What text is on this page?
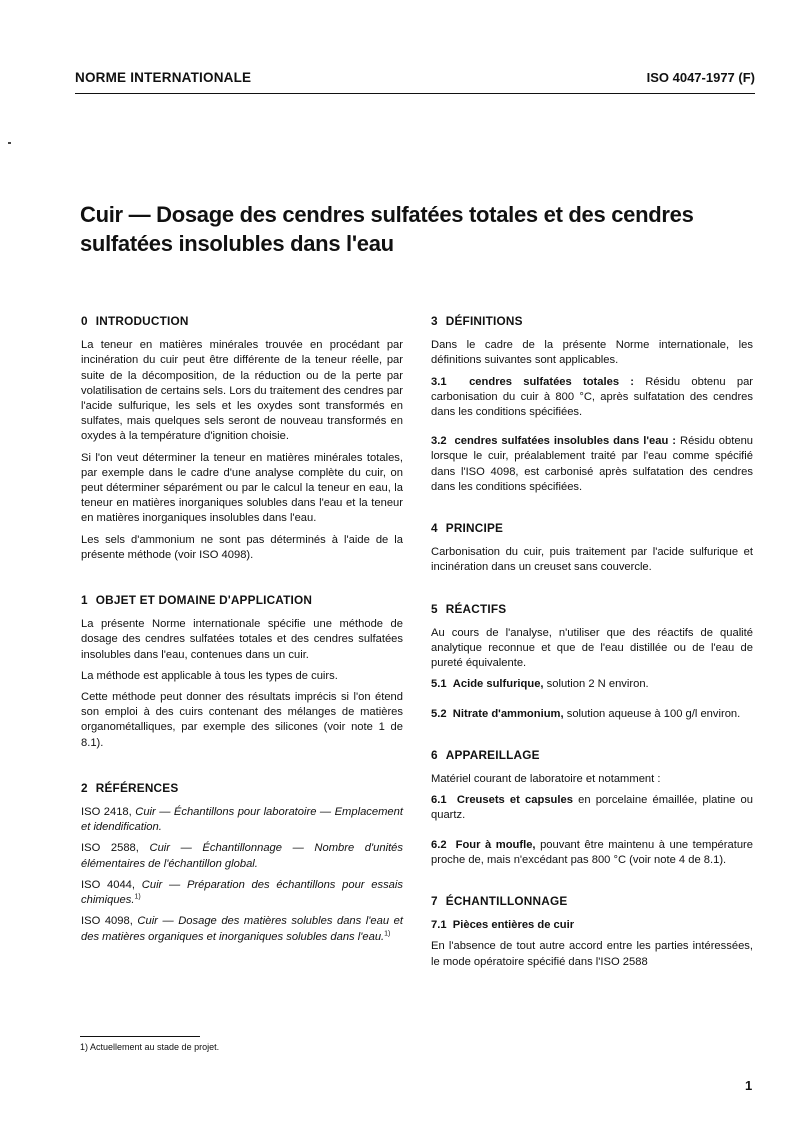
NORME INTERNATIONALE	ISO 4047-1977 (F)
Cuir — Dosage des cendres sulfatées totales et des cendres sulfatées insolubles dans l'eau
0 INTRODUCTION

La teneur en matières minérales trouvée en procédant par incinération du cuir peut être différente de la teneur réelle, par suite de la décomposition, de la réduction ou de la perte par volatilisation de certains sels. Lors du traitement des cendres par l'acide sulfurique, les sels et les oxydes sont transformés en sulfates, mais quelques sels seront de nouveau transformés en oxydes à la température d'ignition choisie.

Si l'on veut déterminer la teneur en matières minérales totales, par exemple dans le cadre d'une analyse complète du cuir, on peut déterminer séparément ou par le calcul la teneur en eau, la teneur en matières inorganiques solubles dans l'eau et la teneur en matières inorganiques insolubles dans l'eau.

Les sels d'ammonium ne sont pas déterminés à l'aide de la présente méthode (voir ISO 4098).

1 OBJET ET DOMAINE D'APPLICATION

La présente Norme internationale spécifie une méthode de dosage des cendres sulfatées totales et des cendres sulfatées insolubles dans l'eau, contenues dans un cuir.

La méthode est applicable à tous les types de cuirs.

Cette méthode peut donner des résultats imprécis si l'on étend son emploi à des cuirs contenant des mélanges de matières organométalliques, par exemple des silicones (voir note 1 de 8.1).

2 RÉFÉRENCES

ISO 2418, Cuir — Échantillons pour laboratoire — Emplacement et idendification.

ISO 2588, Cuir — Échantillonnage — Nombre d'unités élémentaires de l'échantillon global.

ISO 4044, Cuir — Préparation des échantillons pour essais chimiques.$^{1)}$

ISO 4098, Cuir — Dosage des matières solubles dans l'eau et des matières organiques et inorganiques solubles dans l'eau.$^{1)}$

3 DÉFINITIONS

Dans le cadre de la présente Norme internationale, les définitions suivantes sont applicables.

3.1 cendres sulfatées totales : Résidu obtenu par carbonisation du cuir à 800 °C, après sulfatation des cendres dans les conditions spécifiées.

3.2 cendres sulfatées insolubles dans l'eau : Résidu obtenu lorsque le cuir, préalablement traité par l'eau comme spécifié dans l'ISO 4098, est carbonisé après sulfatation des cendres dans les conditions spécifiées.

4 PRINCIPE

Carbonisation du cuir, puis traitement par l'acide sulfurique et incinération dans un creuset sans couvercle.

5 RÉACTIFS

Au cours de l'analyse, n'utiliser que des réactifs de qualité analytique reconnue et que de l'eau distillée ou de l'eau de pureté équivalente.

5.1 Acide sulfurique, solution 2 N environ.

5.2 Nitrate d'ammonium, solution aqueuse à 100 g/l environ.

6 APPAREILLAGE

Matériel courant de laboratoire et notamment :

6.1 Creusets et capsules en porcelaine émaillée, platine ou quartz.

6.2 Four à moufle, pouvant être maintenu à une température proche de, mais n'excédant pas 800 °C (voir note 4 de 8.1).

7 ÉCHANTILLONNAGE

7.1 Pièces entières de cuir

En l'absence de tout autre accord entre les parties intéressées, le mode opératoire spécifié dans l'ISO 2588

1) Actuellement au stade de projet.
1
